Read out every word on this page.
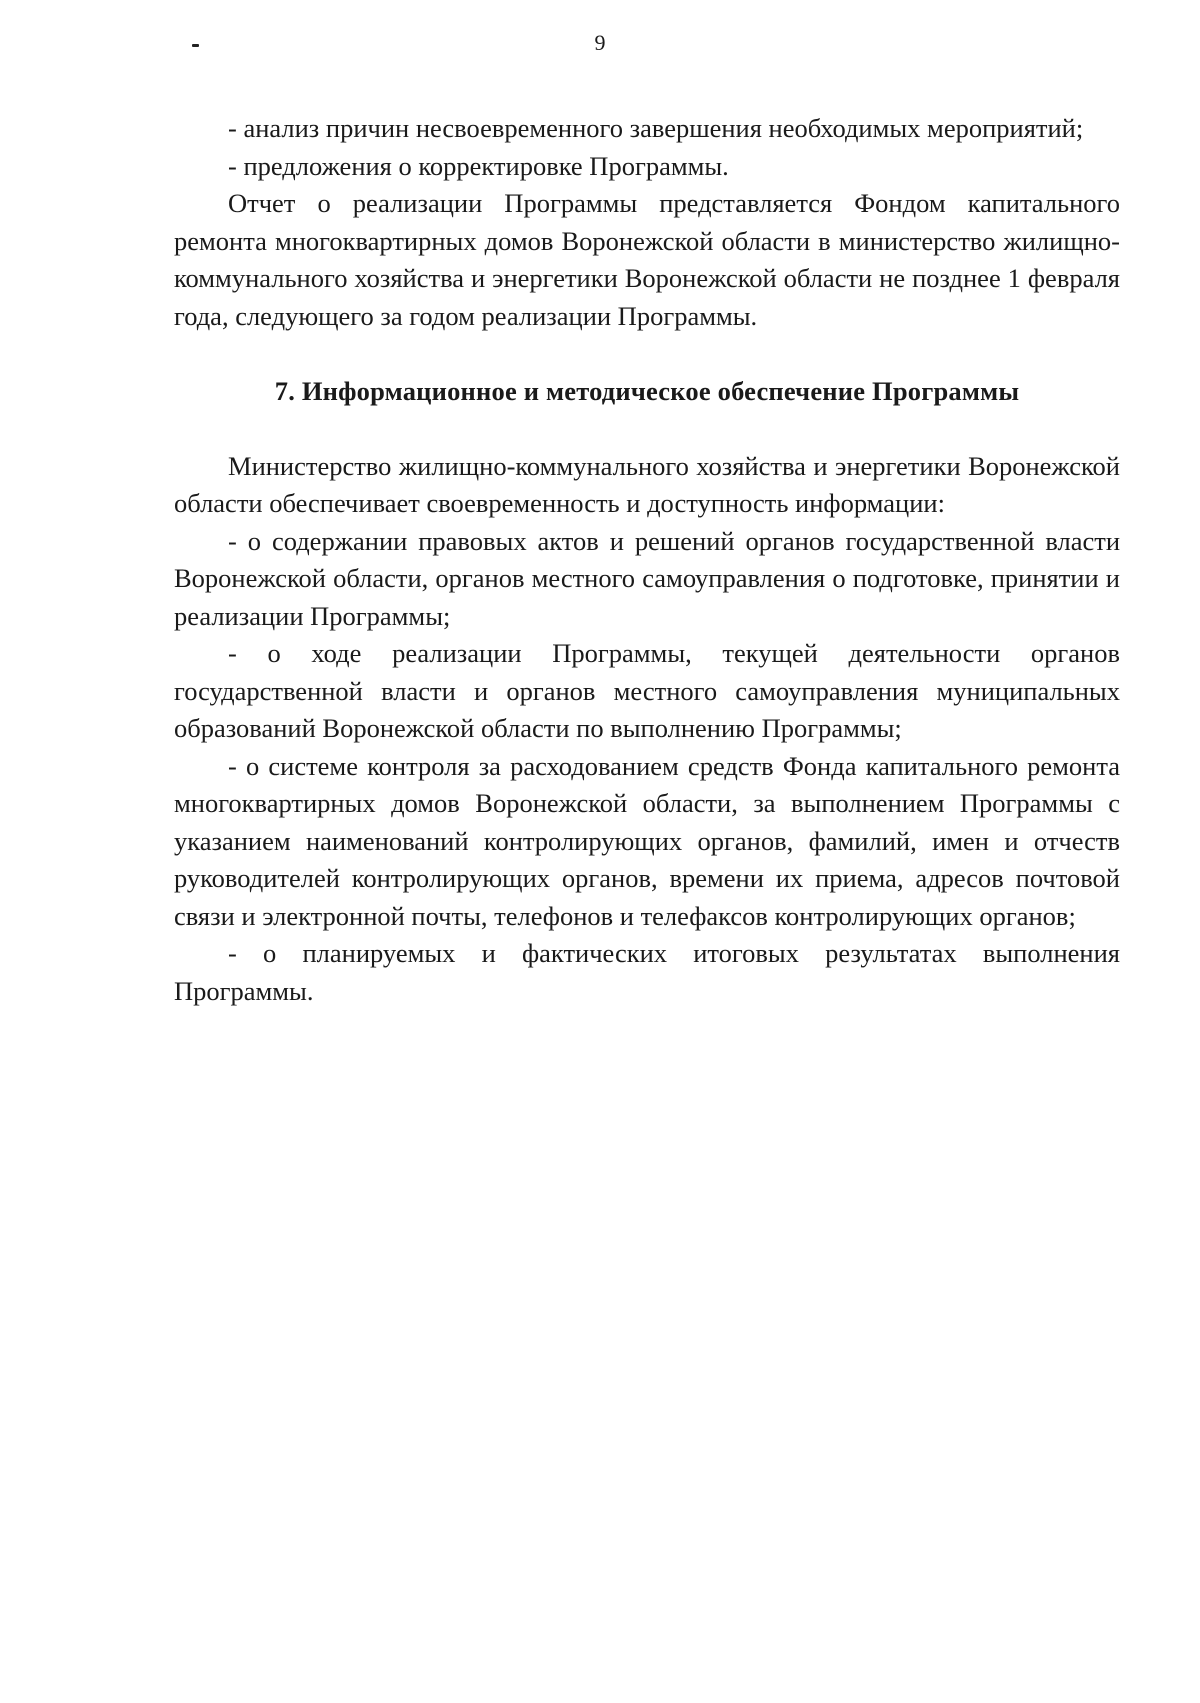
9

- анализ причин несвоевременного завершения необходимых мероприятий;

- предложения о корректировке Программы.

Отчет о реализации Программы представляется Фондом капитального ремонта многоквартирных домов Воронежской области в министерство жилищно-коммунального хозяйства и энергетики Воронежской области не позднее 1 февраля года, следующего за годом реализации Программы.

7. Информационное и методическое обеспечение Программы

Министерство жилищно-коммунального хозяйства и энергетики Воронежской области обеспечивает своевременность и доступность информации:

- о содержании правовых актов и решений органов государственной власти Воронежской области, органов местного самоуправления о подготовке, принятии и реализации Программы;

- о ходе реализации Программы, текущей деятельности органов государственной власти и органов местного самоуправления муниципальных образований Воронежской области по выполнению Программы;

- о системе контроля за расходованием средств Фонда капитального ремонта многоквартирных домов Воронежской области, за выполнением Программы с указанием наименований контролирующих органов, фамилий, имен и отчеств руководителей контролирующих органов, времени их приема, адресов почтовой связи и электронной почты, телефонов и телефаксов контролирующих органов;

- о планируемых и фактических итоговых результатах выполнения Программы.
